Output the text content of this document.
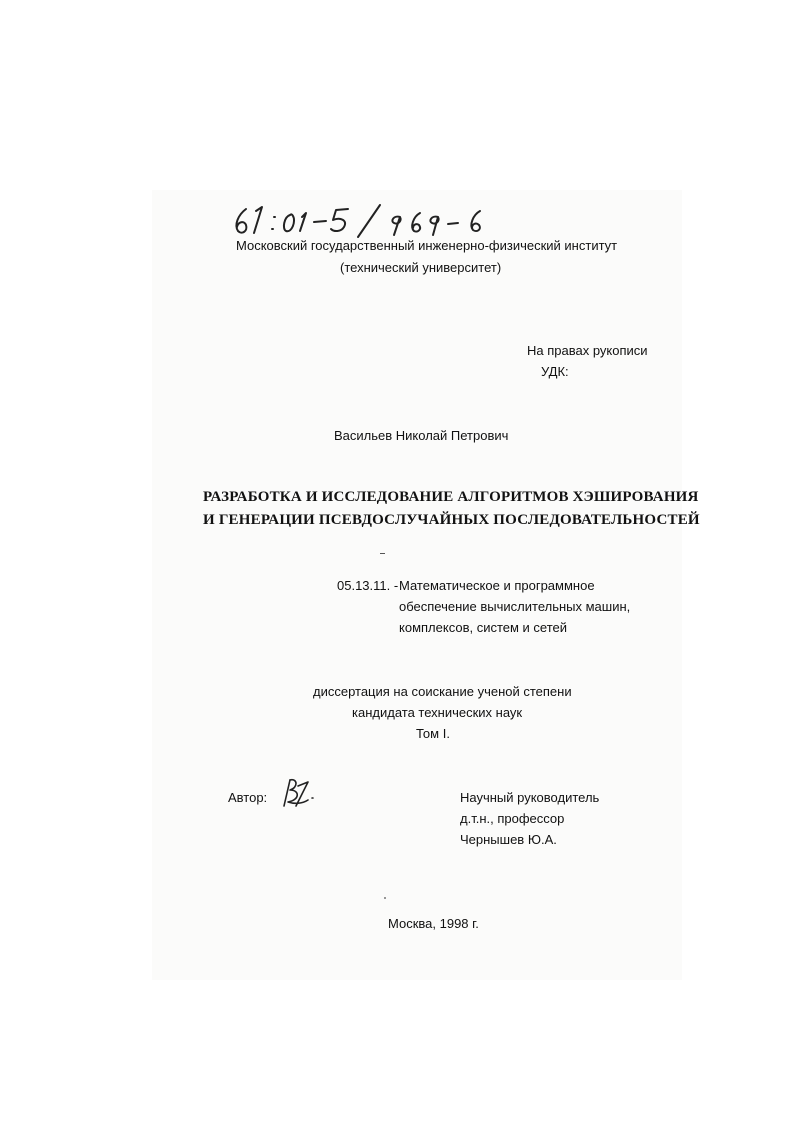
Московский государственный инженерно-физический институт
(технический университет)
На правах рукописи
УДК:
Васильев Николай Петрович
РАЗРАБОТКА И ИССЛЕДОВАНИЕ АЛГОРИТМОВ ХЭШИРОВАНИЯ
И ГЕНЕРАЦИИ ПСЕВДОСЛУЧАЙНЫХ ПОСЛЕДОВАТЕЛЬНОСТЕЙ
05.13.11. - Математическое и программное
обеспечение вычислительных машин,
комплексов, систем и сетей
диссертация на соискание ученой степени
кандидата технических наук
Том I.
Автор:	Научный руководитель
д.т.н., профессор
Чернышев Ю.А.
Москва, 1998 г.
